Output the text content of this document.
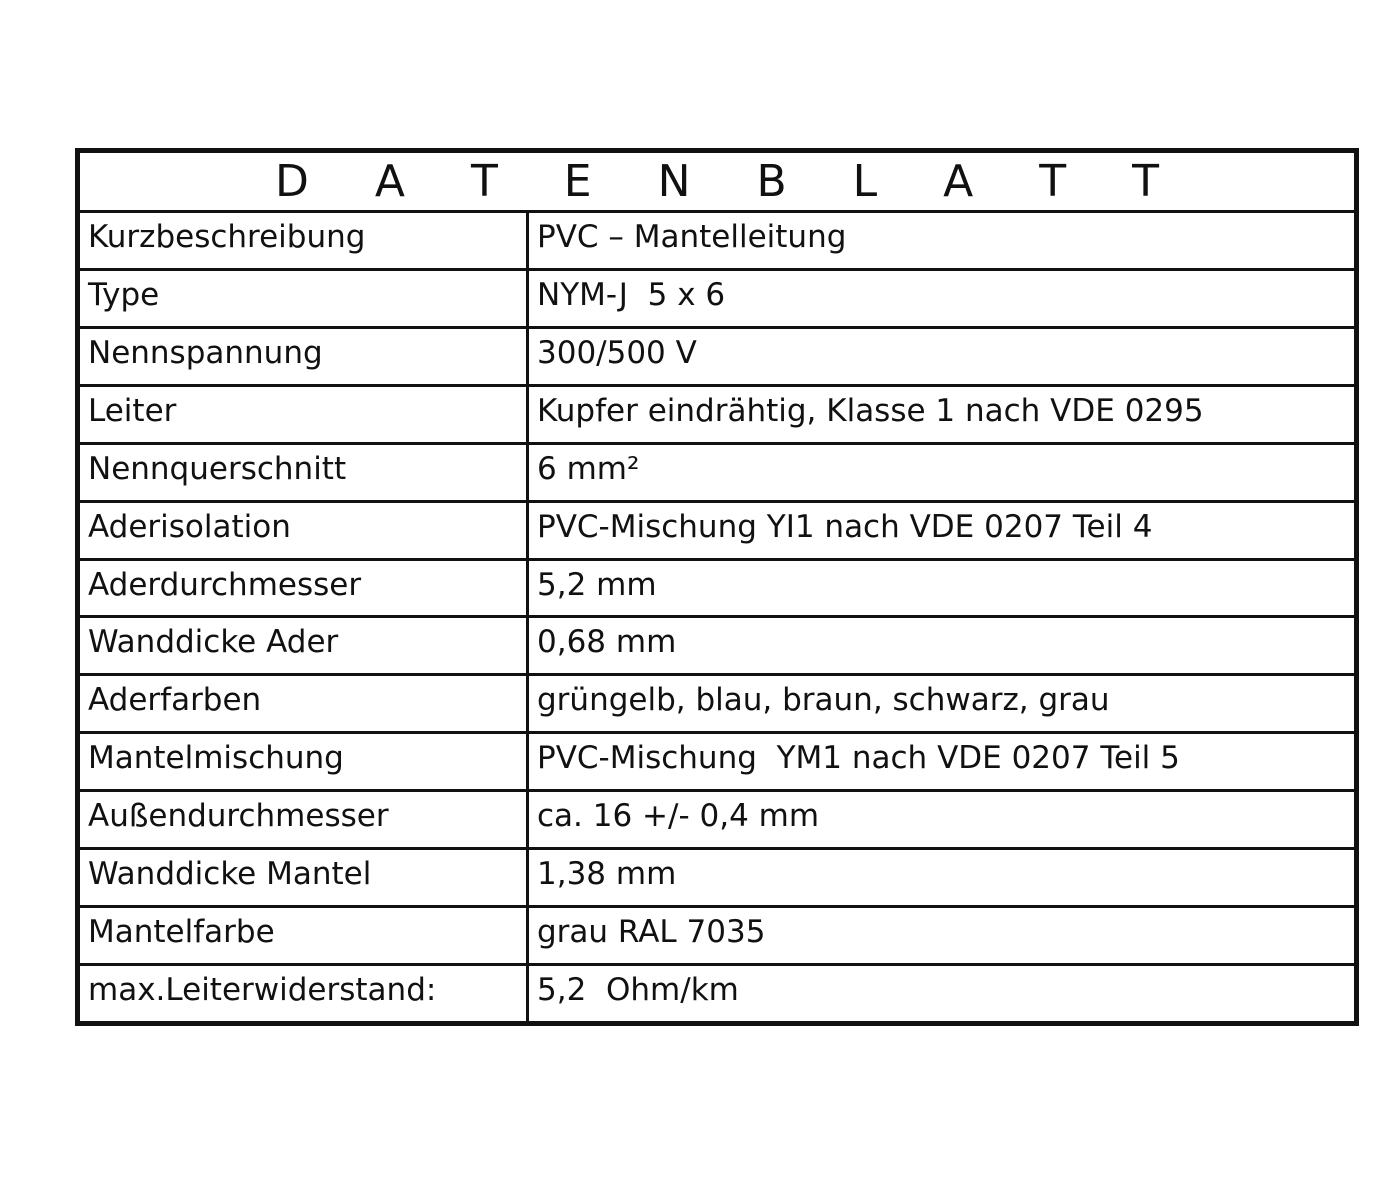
D A T E N B L A T T
Kurzbeschreibung	PVC – Mantelleitung
Type	NYM-J  5 x 6
Nennspannung	300/500 V
Leiter	Kupfer eindrähtig, Klasse 1 nach VDE 0295
Nennquerschnitt	6 mm²
Aderisolation	PVC-Mischung YI1 nach VDE 0207 Teil 4
Aderdurchmesser	5,2 mm
Wanddicke Ader	0,68 mm
Aderfarben	grüngelb, blau, braun, schwarz, grau
Mantelmischung	PVC-Mischung  YM1 nach VDE 0207 Teil 5
Außendurchmesser	ca. 16 +/- 0,4 mm
Wanddicke Mantel	1,38 mm
Mantelfarbe	grau RAL 7035
max.Leiterwiderstand:	5,2  Ohm/km
